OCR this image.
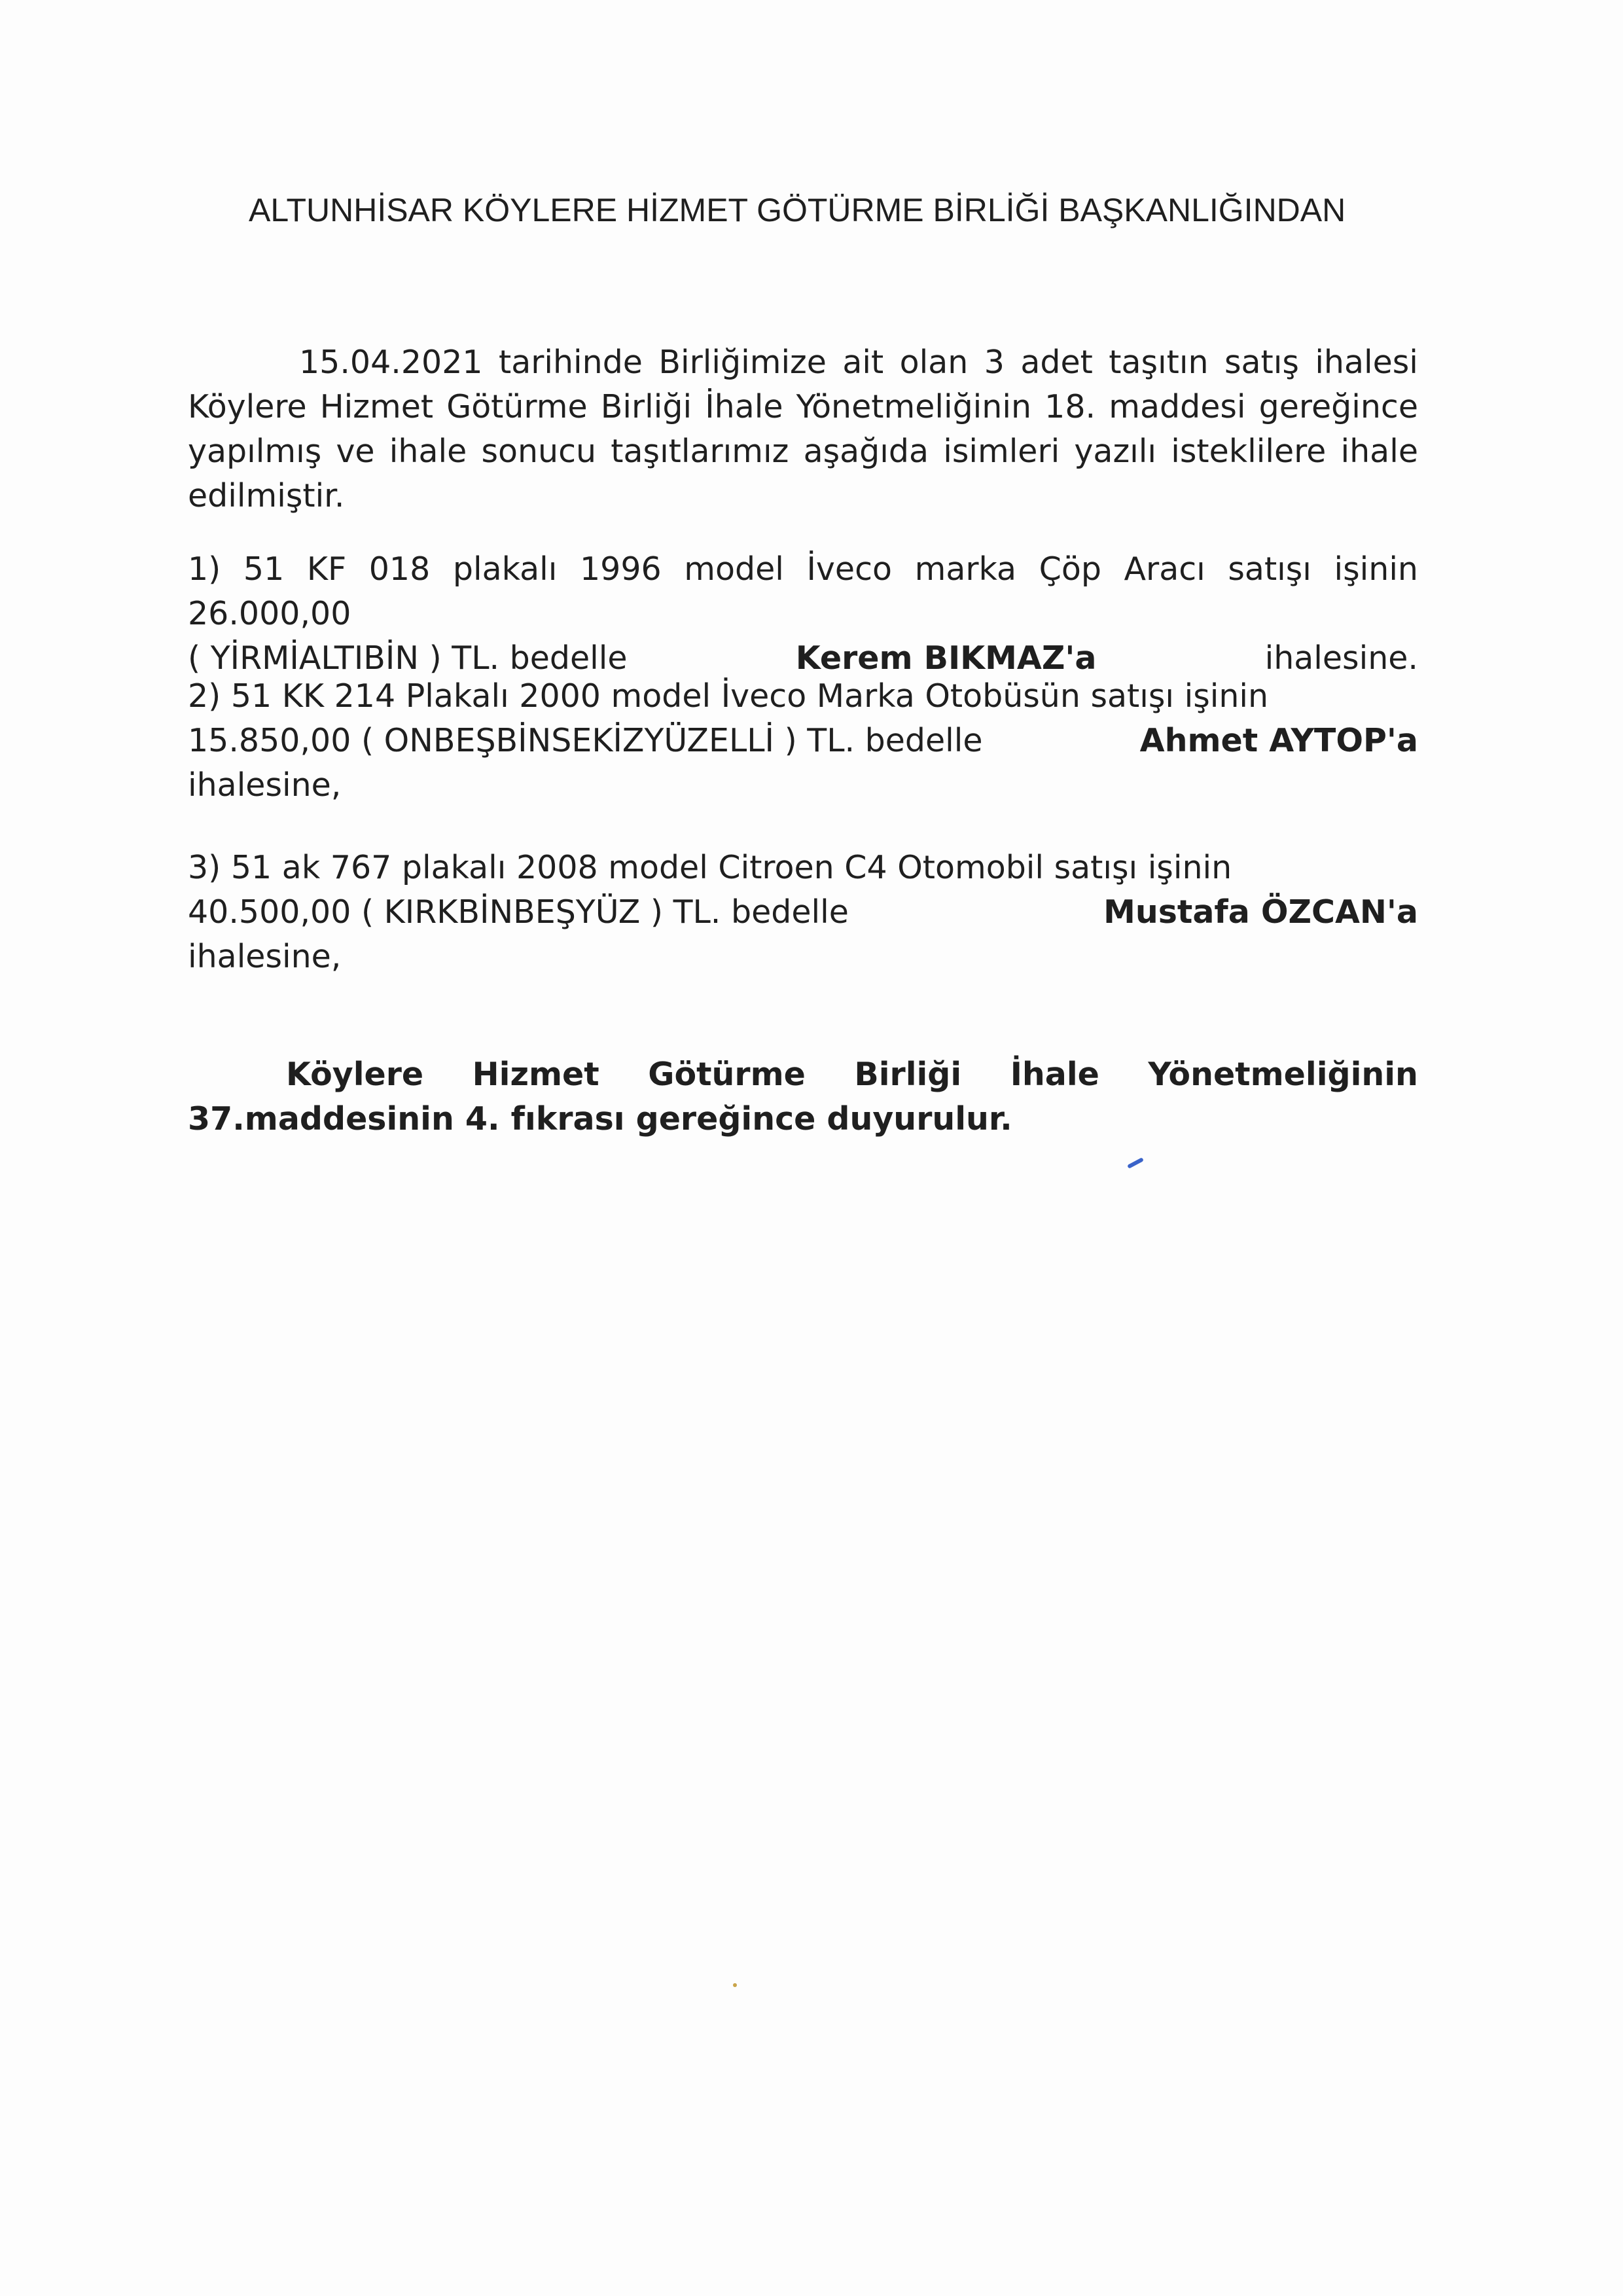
ALTUNHİSAR KÖYLERE HİZMET GÖTÜRME BİRLİĞİ BAŞKANLIĞINDAN
15.04.2021 tarihinde Birliğimize ait olan 3 adet taşıtın satış ihalesi
Köylere Hizmet Götürme Birliği İhale Yönetmeliğinin 18. maddesi gereğince
yapılmış ve ihale sonucu taşıtlarımız aşağıda isimleri yazılı isteklilere ihale
edilmiştir.
1) 51 KF 018 plakalı 1996 model İveco marka Çöp Aracı satışı işinin 26.000,00
( YİRMİALTIBİN ) TL. bedelle	Kerem BIKMAZ'a	ihalesine.
2) 51 KK 214 Plakalı 2000 model İveco Marka Otobüsün satışı işinin
15.850,00 ( ONBEŞBİNSEKİZYÜZELLİ ) TL. bedelle	Ahmet AYTOP'a
ihalesine,
3) 51 ak 767 plakalı 2008 model Citroen C4 Otomobil satışı işinin
40.500,00 ( KIRKBİNBEŞYÜZ ) TL. bedelle	Mustafa ÖZCAN'a
ihalesine,
Köylere Hizmet Götürme Birliği İhale Yönetmeliğinin
37.maddesinin 4. fıkrası gereğince duyurulur.
